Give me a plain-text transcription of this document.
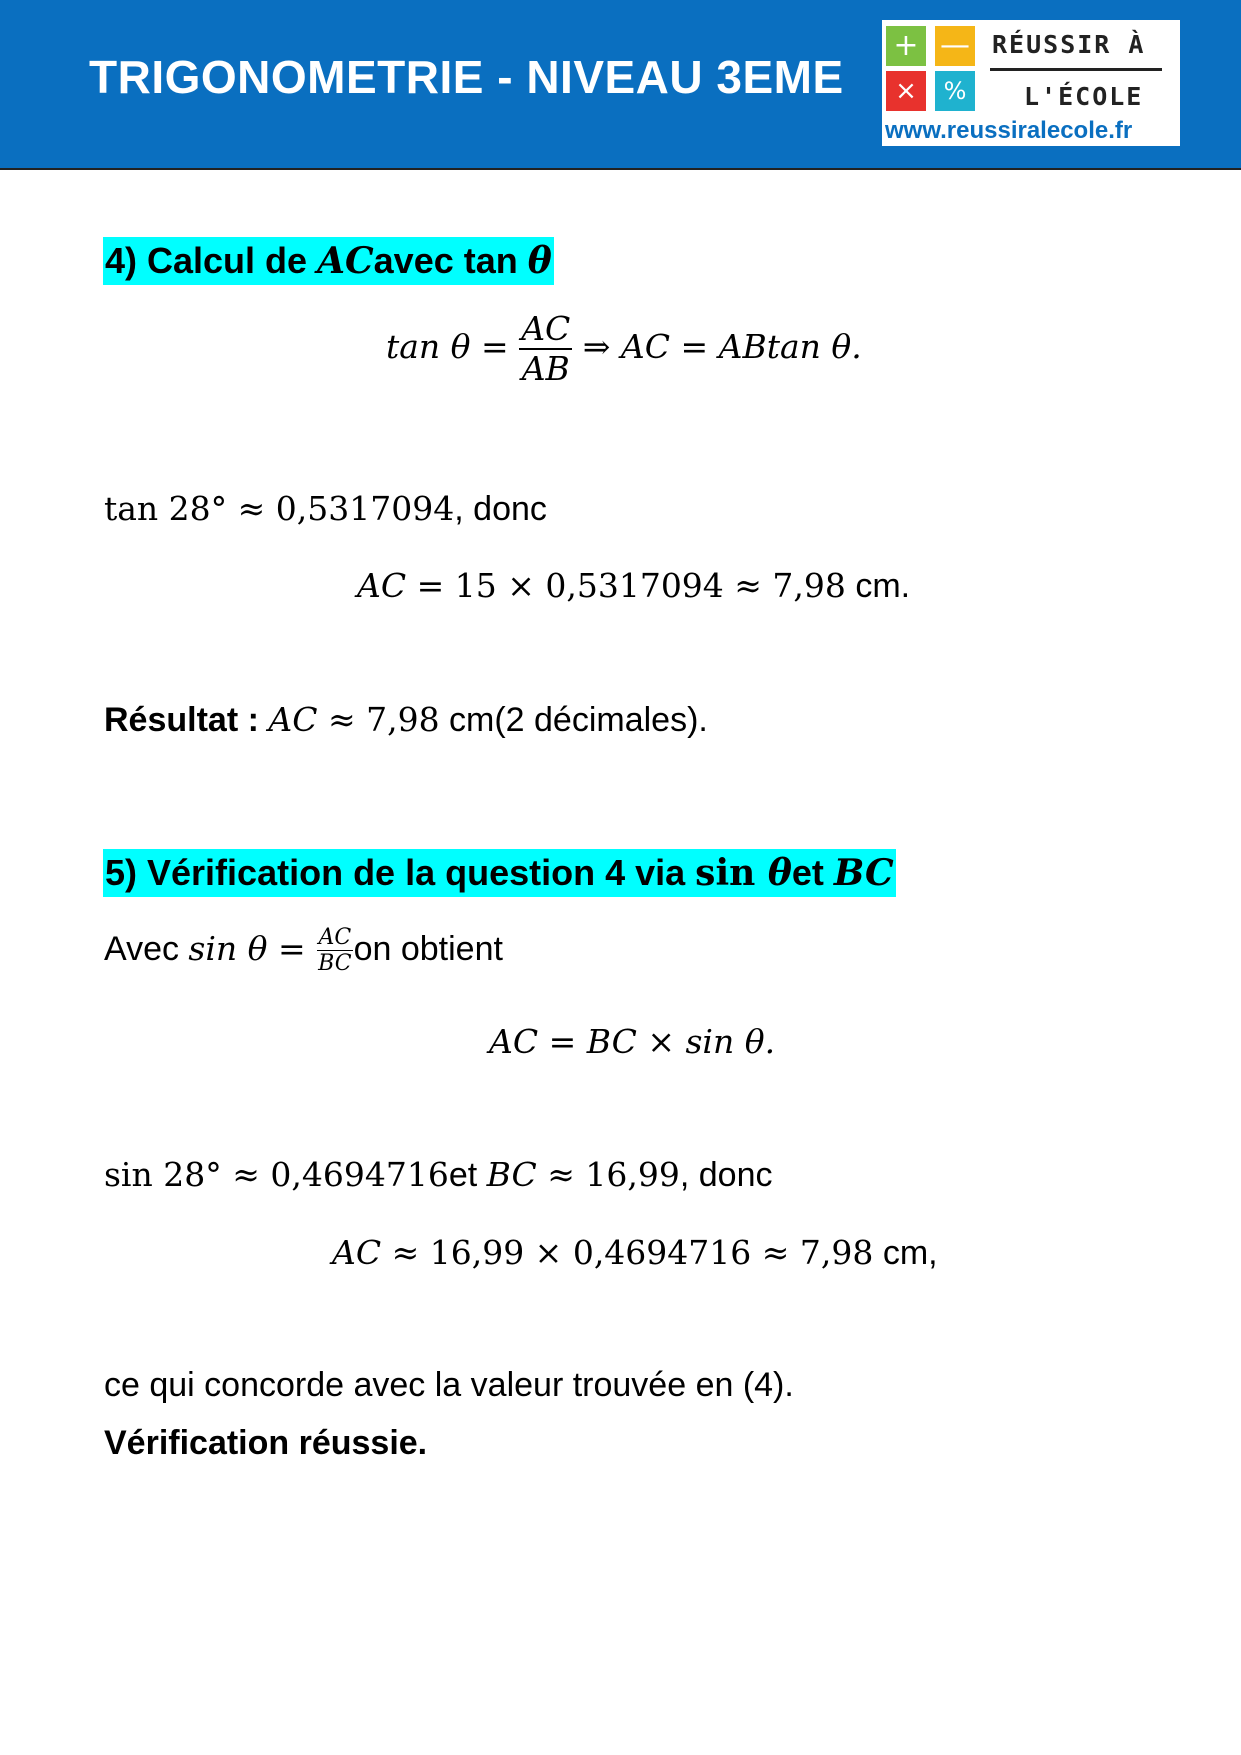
TRIGONOMETRIE - NIVEAU 3EME
+ —
×	%
RÉUSSIR À
L'ÉCOLE
www.reussiralecole.fr
4) Calcul de ACavec tan θ
$\tan \theta = \frac{AC}{AB}$ ⇒ AC = ABtan θ.
tan 28° ≈ 0,5317094, donc
AC = 15 × 0,5317094 ≈ 7,98 cm.
Résultat : AC ≈ 7,98 cm(2 décimales).
5) Vérification de la question 4 via sin θet BC
Avec $\sin \theta = \frac{AC}{BC}$ on obtient
AC = BC × sin θ.
sin 28° ≈ 0,4694716et BC ≈ 16,99, donc
AC ≈ 16,99 × 0,4694716 ≈ 7,98 cm,
ce qui concorde avec la valeur trouvée en (4).
Vérification réussie.
